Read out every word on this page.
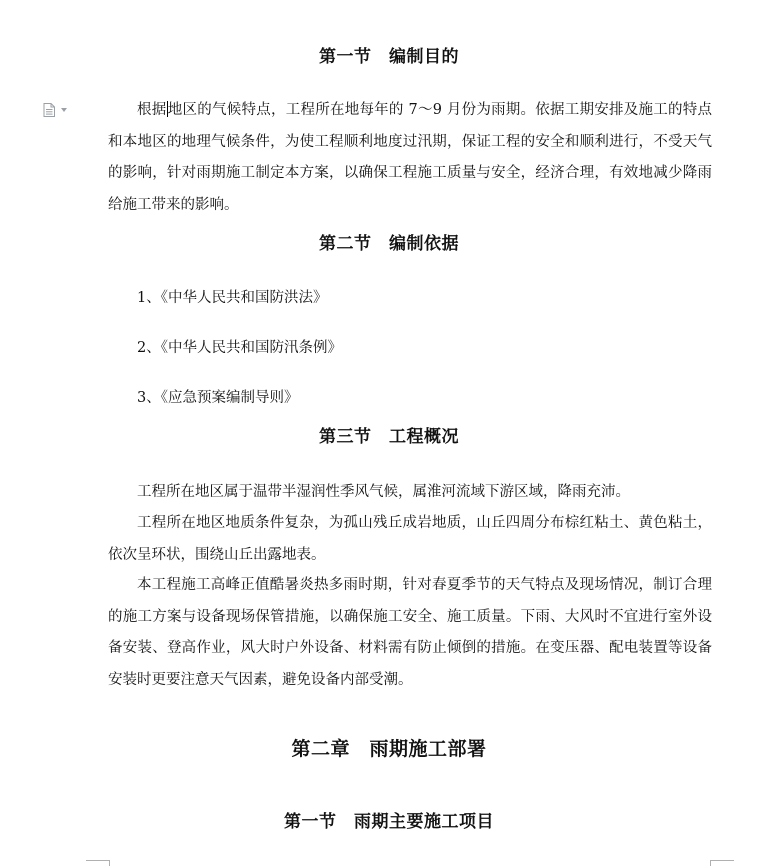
第一节　编制目的

根据地区的气候特点，工程所在地每年的 7～9 月份为雨期。依据工期安排及施工的特点和本地区的地理气候条件，为使工程顺利地度过汛期，保证工程的安全和顺利进行，不受天气的影响，针对雨期施工制定本方案，以确保工程施工质量与安全，经济合理，有效地减少降雨给施工带来的影响。

第二节　编制依据

1、《中华人民共和国防洪法》

2、《中华人民共和国防汛条例》

3、《应急预案编制导则》

第三节　工程概况

工程所在地区属于温带半湿润性季风气候，属淮河流域下游区域，降雨充沛。

工程所在地区地质条件复杂，为孤山残丘成岩地质，山丘四周分布棕红粘土、黄色粘土，依次呈环状，围绕山丘出露地表。

本工程施工高峰正值酷暑炎热多雨时期，针对春夏季节的天气特点及现场情况，制订合理的施工方案与设备现场保管措施，以确保施工安全、施工质量。下雨、大风时不宜进行室外设备安装、登高作业，风大时户外设备、材料需有防止倾倒的措施。在变压器、配电装置等设备安装时更要注意天气因素，避免设备内部受潮。

第二章　雨期施工部署
第一节　雨期主要施工项目
